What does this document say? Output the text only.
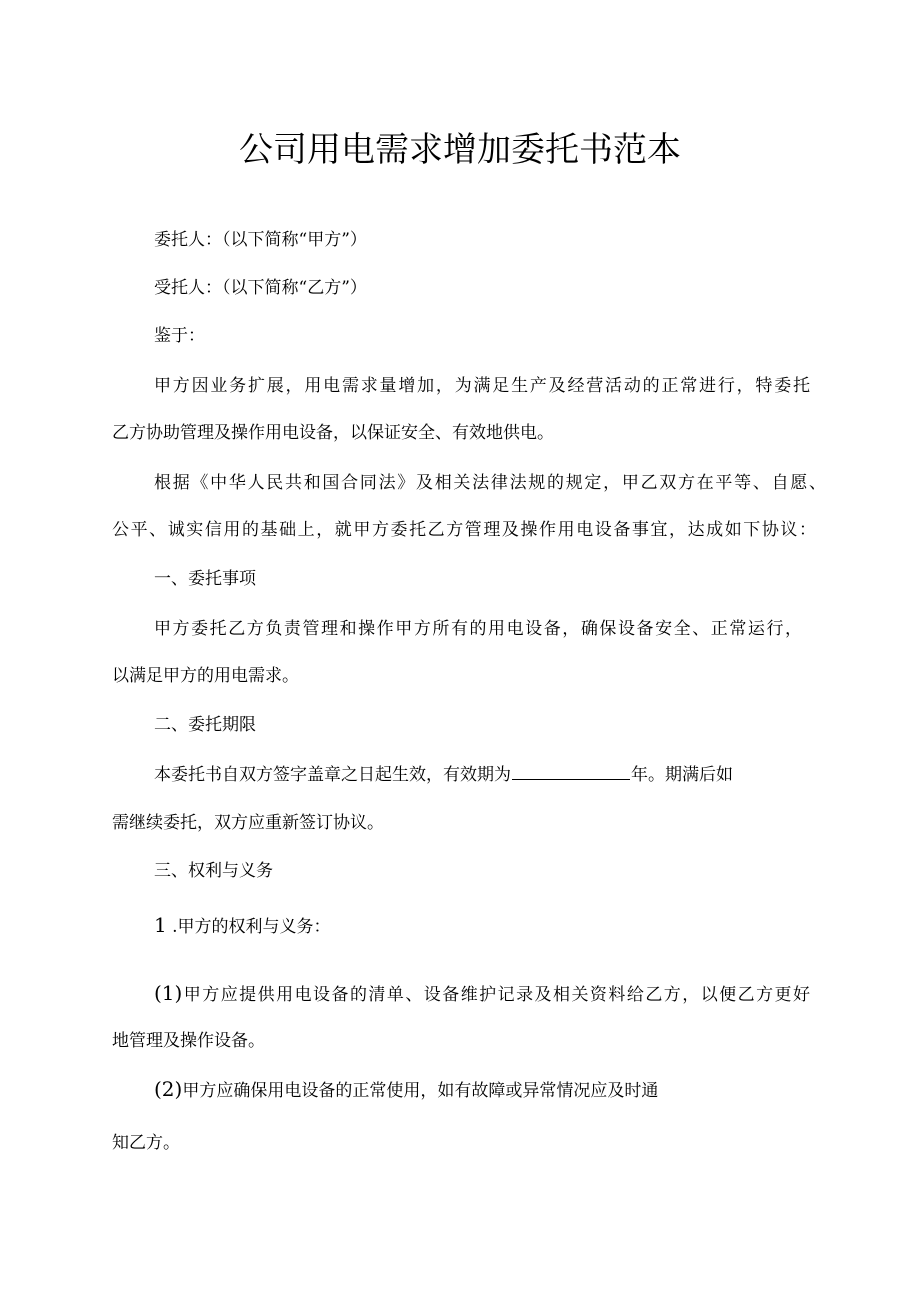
公司用电需求增加委托书范本
委托人：（以下简称“甲方”）
受托人：（以下简称“乙方”）
鉴于：
甲方因业务扩展，用电需求量增加，为满足生产及经营活动的正常进行，特委托
乙方协助管理及操作用电设备，以保证安全、有效地供电。
根据《中华人民共和国合同法》及相关法律法规的规定，甲乙双方在平等、自愿、
公平、诚实信用的基础上，就甲方委托乙方管理及操作用电设备事宜，达成如下协议：
一、委托事项
甲方委托乙方负责管理和操作甲方所有的用电设备，确保设备安全、正常运行，
以满足甲方的用电需求。
二、委托期限
本委托书自双方签字盖章之日起生效，有效期为	年。期满后如
需继续委托，双方应重新签订协议。
三、权利与义务
1 .甲方的权利与义务：
(1)甲方应提供用电设备的清单、设备维护记录及相关资料给乙方，以便乙方更好
地管理及操作设备。
(2)甲方应确保用电设备的正常使用，如有故障或异常情况应及时通
知乙方。
